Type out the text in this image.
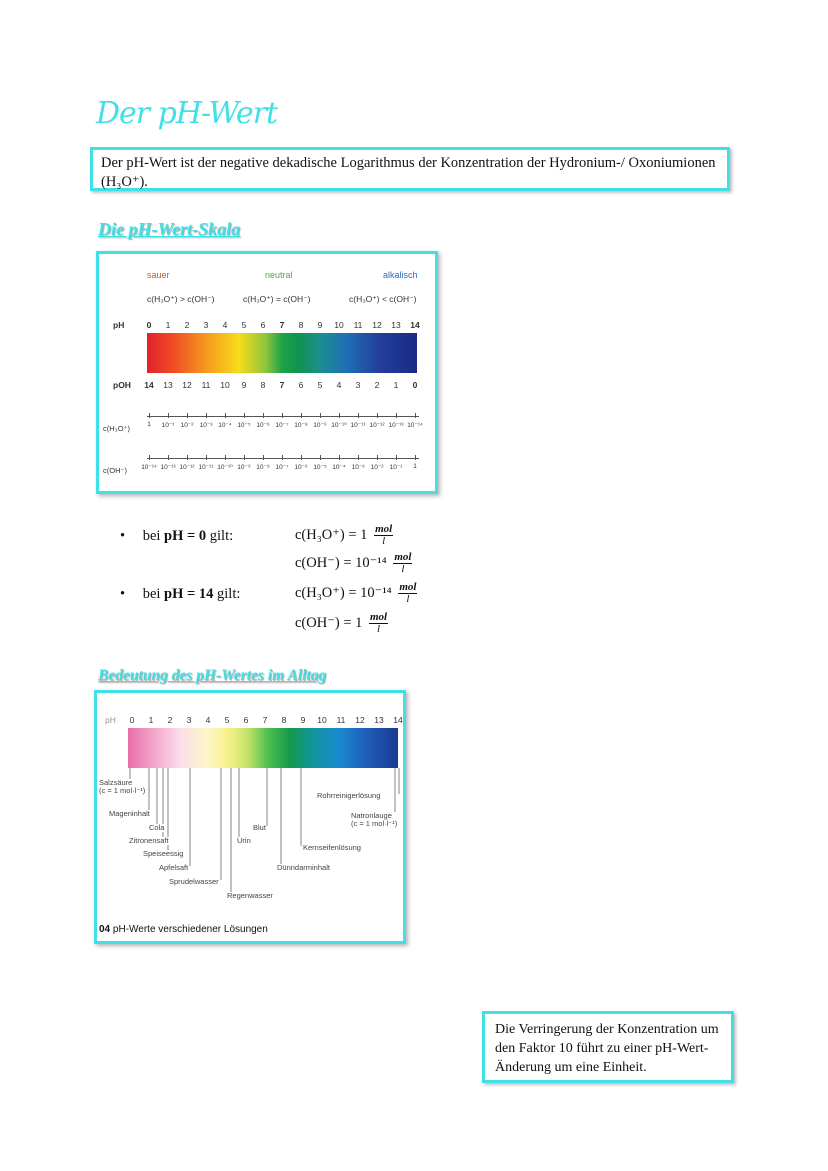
Der pH-Wert
Der pH-Wert ist der negative dekadische Logarithmus der Konzentration der Hydronium-/ Oxoniumionen (H₃O⁺).
Die pH-Wert-Skala
sauer	neutral	alkalisch
c(H₃O⁺) > c(OH⁻)	c(H₃O⁺) = c(OH⁻)	c(H₃O⁺) < c(OH⁻)
pH	0 1 2 3 4 5 6 7 8 9 10 11 12 13 14
pOH 14 13 12 11 10 9 8 7 6 5 4 3 2 1 0
c(H₃O⁺)	1 10⁻¹ 10⁻² 10⁻³ 10⁻⁴ 10⁻⁵ 10⁻⁶ 10⁻⁷ 10⁻⁸ 10⁻⁹ 10⁻¹⁰ 10⁻¹¹ 10⁻¹² 10⁻¹³ 10⁻¹⁴
c(OH⁻) 10⁻¹⁴ 10⁻¹³ 10⁻¹² 10⁻¹¹ 10⁻¹⁰ 10⁻⁹ 10⁻⁸ 10⁻⁷ 10⁻⁶ 10⁻⁵ 10⁻⁴ 10⁻³ 10⁻² 10⁻¹ 1
• bei pH = 0 gilt:	$c(H_3O^+) = 1 \frac{\text{mol}}{l}$
$c(OH^-) = 10^{-14} \frac{\text{mol}}{l}$
• bei pH = 14 gilt:	$c(H_3O^+) = 10^{-14} \frac{\text{mol}}{l}$
$c(OH^-) = 1 \frac{\text{mol}}{l}$
Bedeutung des pH-Wertes im Alltag
pH 0 1 2 3 4 5 6 7 8 9 10 11 12 13 14
Salzsäure
(c = 1 mol·l⁻¹)
Mageninhalt
Cola
Zitronensaft
Speiseessig
Apfelsaft
Sprudelwasser
Regenwasser
Urin
Blut
Dünndarminhalt
Kernseifenlösung
Rohrreinigerlösung
Natronlauge
(c = 1 mol·l⁻¹)
04 pH-Werte verschiedener Lösungen
Die Verringerung der Konzentration um den Faktor 10 führt zu einer pH-Wert-Änderung um eine Einheit.
